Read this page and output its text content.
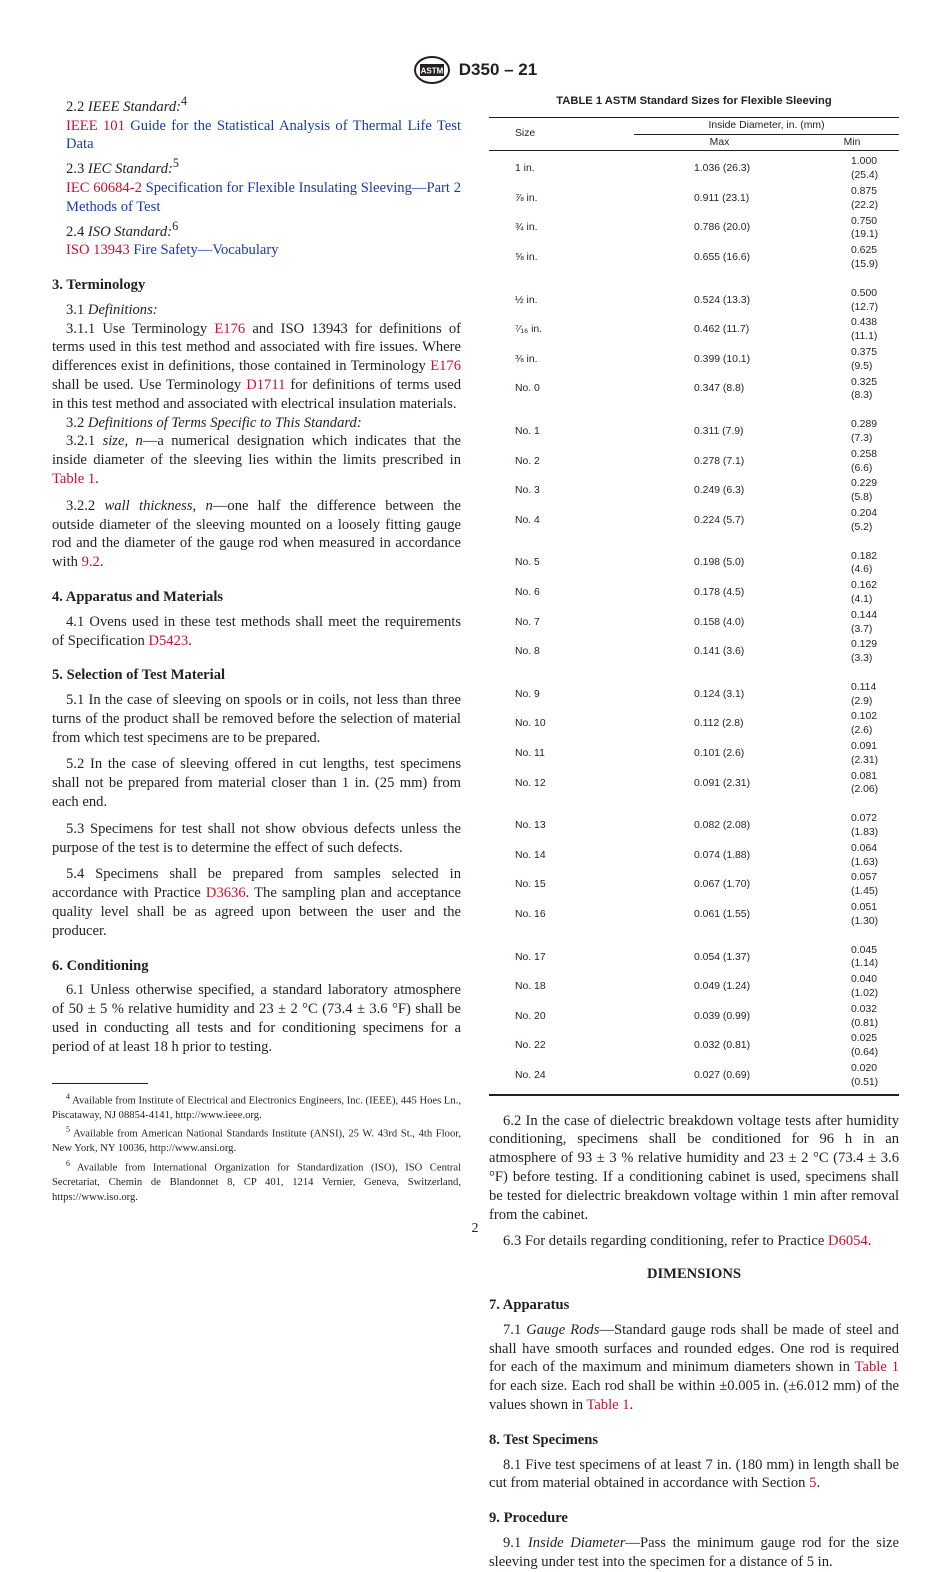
ASTM D350 – 21

2.2 IEEE Standard:$^4$

IEEE 101 Guide for the Statistical Analysis of Thermal Life Test Data

2.3 IEC Standard:$^5$

IEC 60684-2 Specification for Flexible Insulating Sleeving—Part 2 Methods of Test

2.4 ISO Standard:$^6$

ISO 13943 Fire Safety—Vocabulary

3. Terminology

3.1 Definitions:

3.1.1 Use Terminology E176 and ISO 13943 for definitions of terms used in this test method and associated with fire issues. Where differences exist in definitions, those contained in Terminology E176 shall be used. Use Terminology D1711 for definitions of terms used in this test method and associated with electrical insulation materials.

3.2 Definitions of Terms Specific to This Standard:

3.2.1 size, n—a numerical designation which indicates that the inside diameter of the sleeving lies within the limits prescribed in Table 1.

3.2.2 wall thickness, n—one half the difference between the outside diameter of the sleeving mounted on a loosely fitting gauge rod and the diameter of the gauge rod when measured in accordance with 9.2.

4. Apparatus and Materials

4.1 Ovens used in these test methods shall meet the requirements of Specification D5423.

5. Selection of Test Material

5.1 In the case of sleeving on spools or in coils, not less than three turns of the product shall be removed before the selection of material from which test specimens are to be prepared.

5.2 In the case of sleeving offered in cut lengths, test specimens shall not be prepared from material closer than 1 in. (25 mm) from each end.

5.3 Specimens for test shall not show obvious defects unless the purpose of the test is to determine the effect of such defects.

5.4 Specimens shall be prepared from samples selected in accordance with Practice D3636. The sampling plan and acceptance quality level shall be as agreed upon between the user and the producer.

6. Conditioning

6.1 Unless otherwise specified, a standard laboratory atmosphere of 50 ± 5 % relative humidity and 23 ± 2 °C (73.4 ± 3.6 °F) shall be used in conducting all tests and for conditioning specimens for a period of at least 18 h prior to testing.

$^4$ Available from Institute of Electrical and Electronics Engineers, Inc. (IEEE), 445 Hoes Ln., Piscataway, NJ 08854-4141, http://www.ieee.org.

$^5$ Available from American National Standards Institute (ANSI), 25 W. 43rd St., 4th Floor, New York, NY 10036, http://www.ansi.org.

$^6$ Available from International Organization for Standardization (ISO), ISO Central Secretariat, Chemin de Blandonnet 8, CP 401, 1214 Vernier, Geneva, Switzerland, https://www.iso.org.

TABLE 1 ASTM Standard Sizes for Flexible Sleeving
Size	Inside Diameter, in. (mm)	
	Max	Min
1 in.	1.036 (26.3)	1.000 (25.4)
⅞ in.	0.911 (23.1)	0.875 (22.2)
¾ in.	0.786 (20.0)	0.750 (19.1)
⅝ in.	0.655 (16.6)	0.625 (15.9)
½ in.	0.524 (13.3)	0.500 (12.7)
⁷⁄₁₆ in.	0.462 (11.7)	0.438 (11.1)
⅜ in.	0.399 (10.1)	0.375 (9.5)
No. 0	0.347 (8.8)	0.325 (8.3)
No. 1	0.311 (7.9)	0.289 (7.3)
No. 2	0.278 (7.1)	0.258 (6.6)
No. 3	0.249 (6.3)	0.229 (5.8)
No. 4	0.224 (5.7)	0.204 (5.2)
No. 5	0.198 (5.0)	0.182 (4.6)
No. 6	0.178 (4.5)	0.162 (4.1)
No. 7	0.158 (4.0)	0.144 (3.7)
No. 8	0.141 (3.6)	0.129 (3.3)
No. 9	0.124 (3.1)	0.114 (2.9)
No. 10	0.112 (2.8)	0.102 (2.6)
No. 11	0.101 (2.6)	0.091 (2.31)
No. 12	0.091 (2.31)	0.081 (2.06)
No. 13	0.082 (2.08)	0.072 (1.83)
No. 14	0.074 (1.88)	0.064 (1.63)
No. 15	0.067 (1.70)	0.057 (1.45)
No. 16	0.061 (1.55)	0.051 (1.30)
No. 17	0.054 (1.37)	0.045 (1.14)
No. 18	0.049 (1.24)	0.040 (1.02)
No. 20	0.039 (0.99)	0.032 (0.81)
No. 22	0.032 (0.81)	0.025 (0.64)
No. 24	0.027 (0.69)	0.020 (0.51)

6.2 In the case of dielectric breakdown voltage tests after humidity conditioning, specimens shall be conditioned for 96 h in an atmosphere of 93 ± 3 % relative humidity and 23 ± 2 °C (73.4 ± 3.6 °F) before testing. If a conditioning cabinet is used, specimens shall be tested for dielectric breakdown voltage within 1 min after removal from the cabinet.

6.3 For details regarding conditioning, refer to Practice D6054.

DIMENSIONS
7. Apparatus

7.1 Gauge Rods—Standard gauge rods shall be made of steel and shall have smooth surfaces and rounded edges. One rod is required for each of the maximum and minimum diameters shown in Table 1 for each size. Each rod shall be within ±0.005 in. (±6.012 mm) of the values shown in Table 1.

8. Test Specimens

8.1 Five test specimens of at least 7 in. (180 mm) in length shall be cut from material obtained in accordance with Section 5.

9. Procedure

9.1 Inside Diameter—Pass the minimum gauge rod for the size sleeving under test into the specimen for a distance of 5 in.

2
